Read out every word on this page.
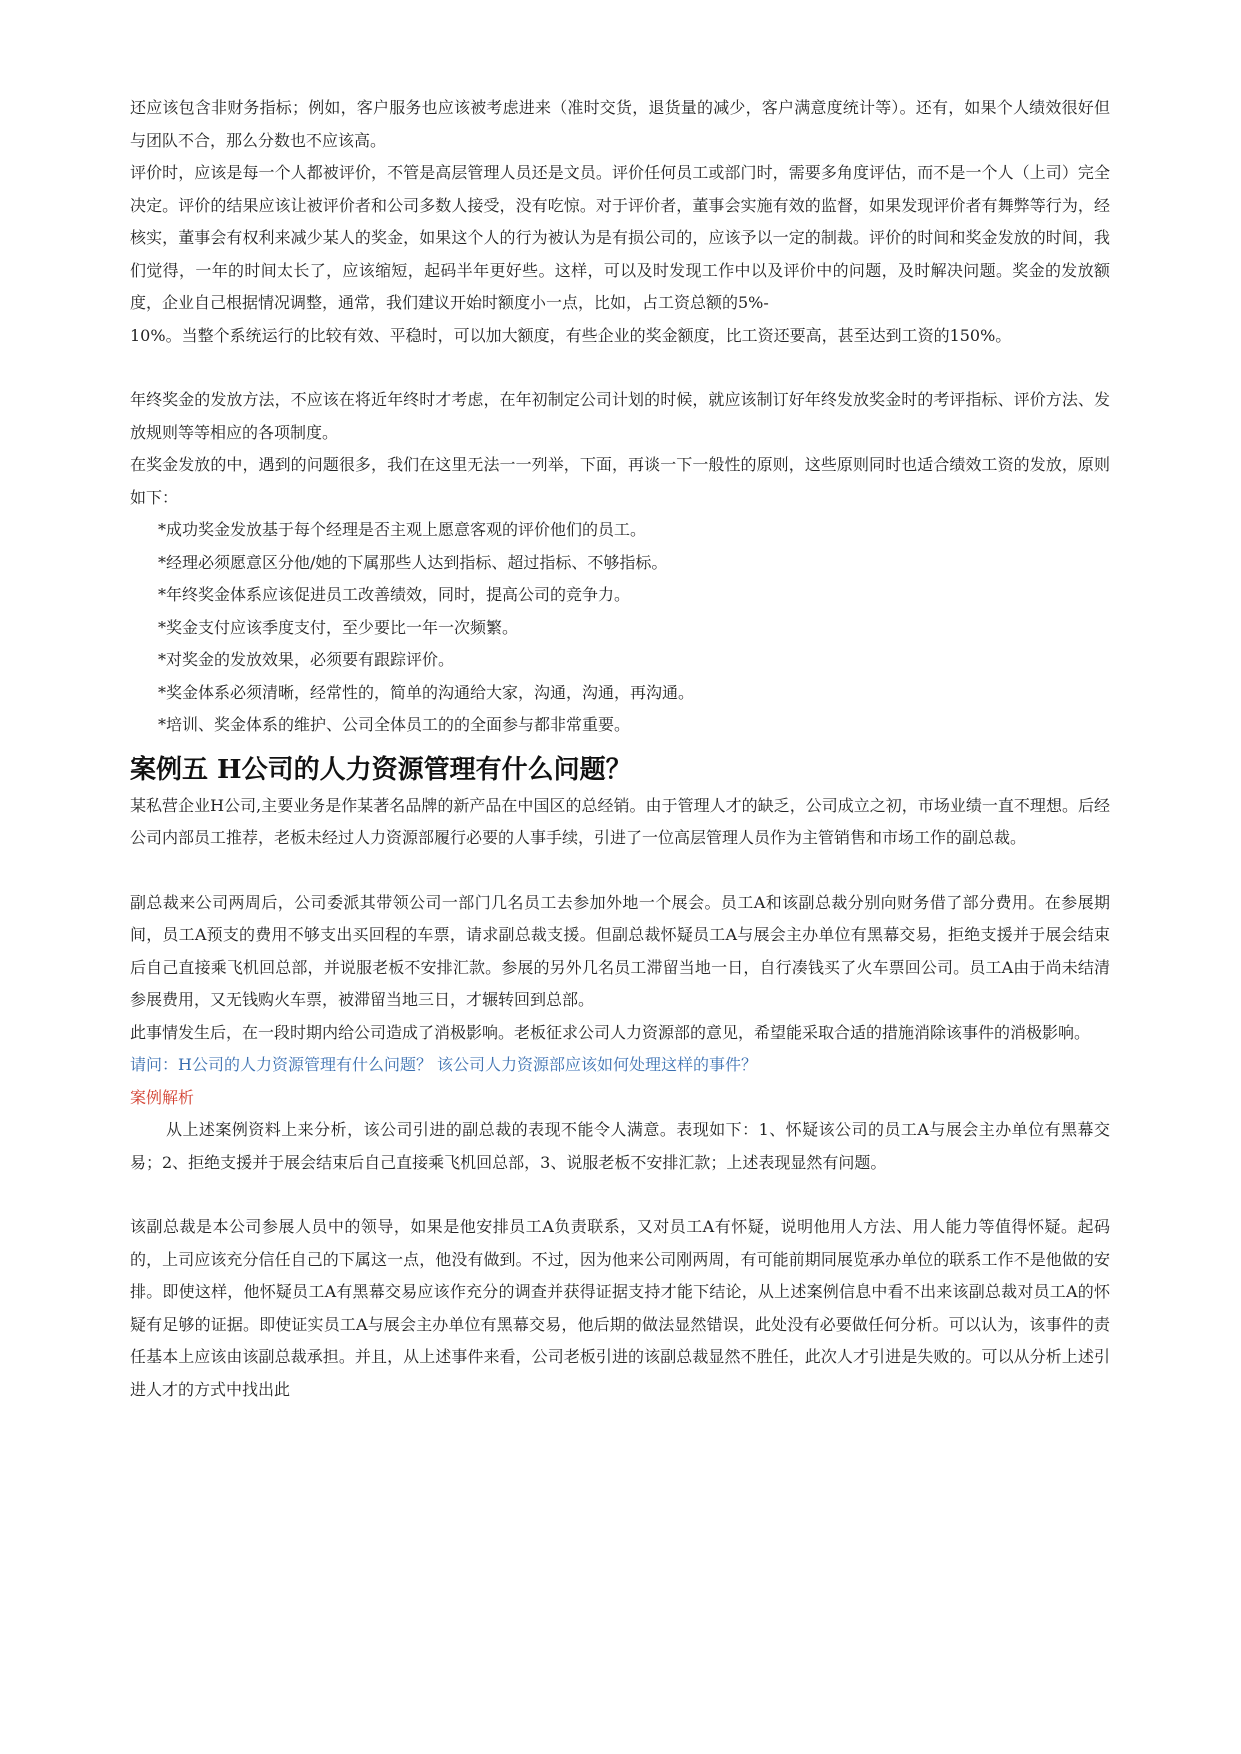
还应该包含非财务指标；例如，客户服务也应该被考虑进来（准时交货，退货量的减少，客户满意度统计等）。还有，如果个人绩效很好但与团队不合，那么分数也不应该高。

评价时，应该是每一个人都被评价，不管是高层管理人员还是文员。评价任何员工或部门时，需要多角度评估，而不是一个人（上司）完全决定。评价的结果应该让被评价者和公司多数人接受，没有吃惊。对于评价者，董事会实施有效的监督，如果发现评价者有舞弊等行为，经核实，董事会有权利来减少某人的奖金，如果这个人的行为被认为是有损公司的，应该予以一定的制裁。评价的时间和奖金发放的时间，我们觉得，一年的时间太长了，应该缩短，起码半年更好些。这样，可以及时发现工作中以及评价中的问题，及时解决问题。奖金的发放额度，企业自己根据情况调整，通常，我们建议开始时额度小一点，比如，占工资总额的5%-

10%。当整个系统运行的比较有效、平稳时，可以加大额度，有些企业的奖金额度，比工资还要高，甚至达到工资的150%。

年终奖金的发放方法，不应该在将近年终时才考虑，在年初制定公司计划的时候，就应该制订好年终发放奖金时的考评指标、评价方法、发放规则等等相应的各项制度。

在奖金发放的中，遇到的问题很多，我们在这里无法一一列举，下面，再谈一下一般性的原则，这些原则同时也适合绩效工资的发放，原则如下：

*成功奖金发放基于每个经理是否主观上愿意客观的评价他们的员工。
*经理必须愿意区分他/她的下属那些人达到指标、超过指标、不够指标。
*年终奖金体系应该促进员工改善绩效，同时，提高公司的竞争力。
*奖金支付应该季度支付，至少要比一年一次频繁。
*对奖金的发放效果，必须要有跟踪评价。
*奖金体系必须清晰，经常性的，简单的沟通给大家，沟通，沟通，再沟通。
*培训、奖金体系的维护、公司全体员工的的全面参与都非常重要。
案例五 H公司的人力资源管理有什么问题？

某私营企业H公司,主要业务是作某著名品牌的新产品在中国区的总经销。由于管理人才的缺乏，公司成立之初，市场业绩一直不理想。后经公司内部员工推荐，老板未经过人力资源部履行必要的人事手续，引进了一位高层管理人员作为主管销售和市场工作的副总裁。

副总裁来公司两周后，公司委派其带领公司一部门几名员工去参加外地一个展会。员工A和该副总裁分别向财务借了部分费用。在参展期间，员工A预支的费用不够支出买回程的车票，请求副总裁支援。但副总裁怀疑员工A与展会主办单位有黑幕交易，拒绝支援并于展会结束后自己直接乘飞机回总部，并说服老板不安排汇款。参展的另外几名员工滞留当地一日，自行凑钱买了火车票回公司。员工A由于尚未结清参展费用，又无钱购火车票，被滞留当地三日，才辗转回到总部。

此事情发生后，在一段时期内给公司造成了消极影响。老板征求公司人力资源部的意见，希望能采取合适的措施消除该事件的消极影响。

请问：H公司的人力资源管理有什么问题？ 该公司人力资源部应该如何处理这样的事件？

案例解析

从上述案例资料上来分析，该公司引进的副总裁的表现不能令人满意。表现如下：1、怀疑该公司的员工A与展会主办单位有黑幕交易；2、拒绝支援并于展会结束后自己直接乘飞机回总部，3、说服老板不安排汇款；上述表现显然有问题。

该副总裁是本公司参展人员中的领导，如果是他安排员工A负责联系，又对员工A有怀疑，说明他用人方法、用人能力等值得怀疑。起码的，上司应该充分信任自己的下属这一点，他没有做到。不过，因为他来公司刚两周，有可能前期同展览承办单位的联系工作不是他做的安排。即使这样，他怀疑员工A有黑幕交易应该作充分的调查并获得证据支持才能下结论，从上述案例信息中看不出来该副总裁对员工A的怀疑有足够的证据。即使证实员工A与展会主办单位有黑幕交易，他后期的做法显然错误，此处没有必要做任何分析。可以认为，该事件的责任基本上应该由该副总裁承担。并且，从上述事件来看，公司老板引进的该副总裁显然不胜任，此次人才引进是失败的。可以从分析上述引进人才的方式中找出此
